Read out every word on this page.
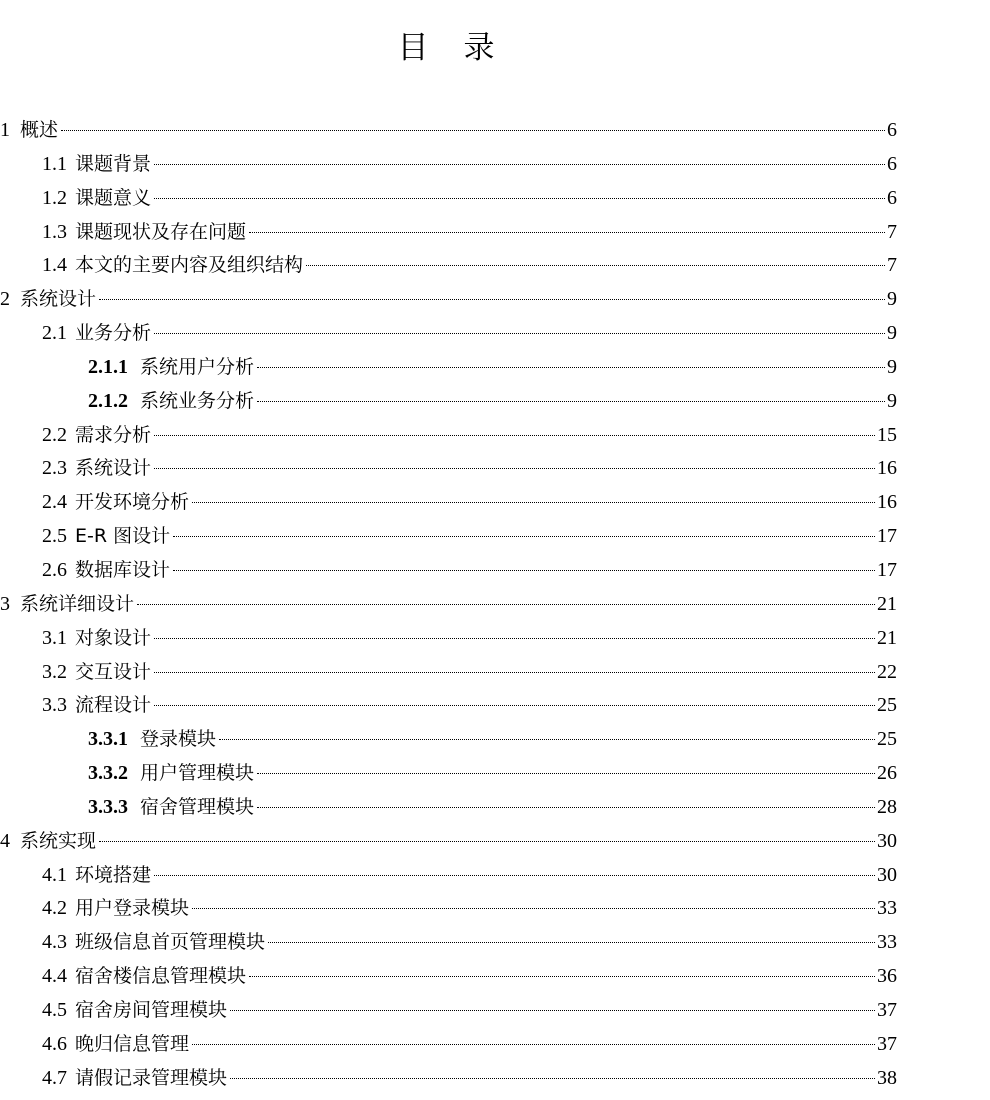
目　录
1 概述	6
1.1 课题背景	6
1.2 课题意义	6
1.3 课题现状及存在问题	7
1.4 本文的主要内容及组织结构	7
2 系统设计	9
2.1 业务分析	9
2.1.1 系统用户分析	9
2.1.2 系统业务分析	9
2.2 需求分析	15
2.3 系统设计	16
2.4 开发环境分析	16
2.5 E-R 图设计	17
2.6 数据库设计	17
3 系统详细设计	21
3.1 对象设计	21
3.2 交互设计	22
3.3 流程设计	25
3.3.1 登录模块	25
3.3.2 用户管理模块	26
3.3.3 宿舍管理模块	28
4 系统实现	30
4.1 环境搭建	30
4.2 用户登录模块	33
4.3 班级信息首页管理模块	33
4.4 宿舍楼信息管理模块	36
4.5 宿舍房间管理模块	37
4.6 晚归信息管理	37
4.7 请假记录管理模块	38
